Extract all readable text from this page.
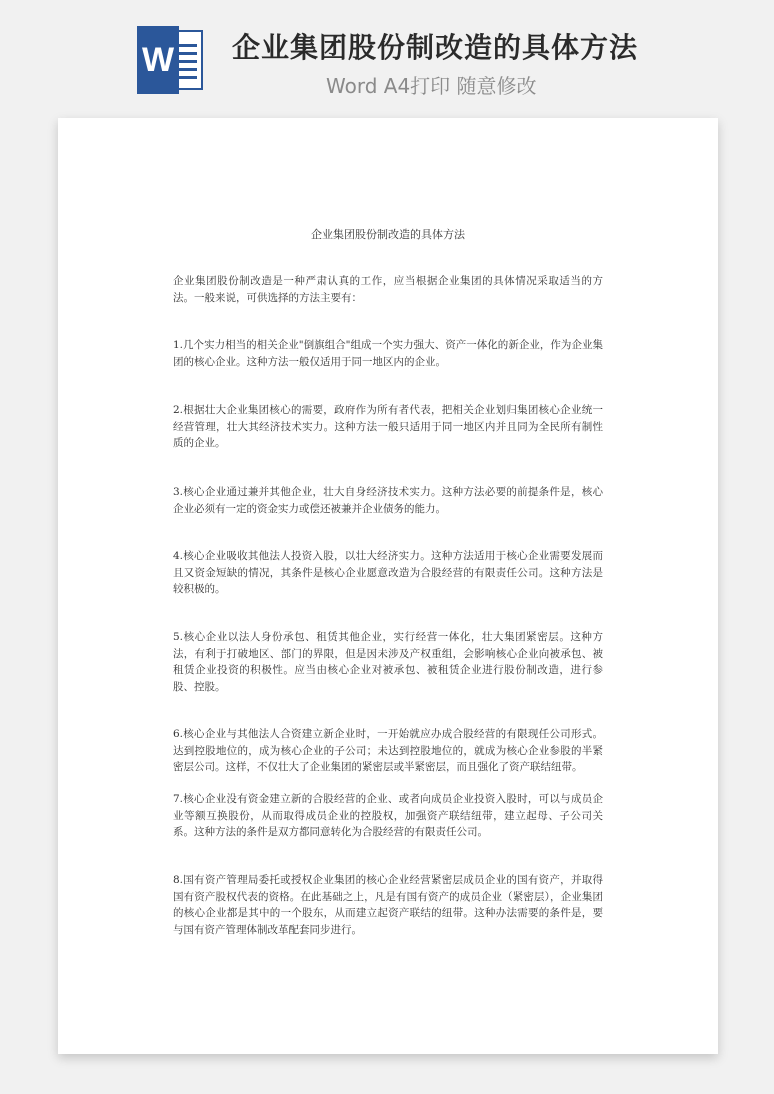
W 企业集团股份制改造的具体方法
Word A4打印 随意修改
企业集团股份制改造的具体方法
企业集团股份制改造是一种严肃认真的工作，应当根据企业集团的具体情况采取适当的方法。一般来说，可供选择的方法主要有：
1.几个实力相当的相关企业"倒旗组合"组成一个实力强大、资产一体化的新企业，作为企业集团的核心企业。这种方法一般仅适用于同一地区内的企业。
2.根据壮大企业集团核心的需要，政府作为所有者代表，把相关企业划归集团核心企业统一经营管理，壮大其经济技术实力。这种方法一般只适用于同一地区内并且同为全民所有制性质的企业。
3.核心企业通过兼并其他企业，壮大自身经济技术实力。这种方法必要的前提条件是，核心企业必须有一定的资金实力或偿还被兼并企业债务的能力。
4.核心企业吸收其他法人投资入股，以壮大经济实力。这种方法适用于核心企业需要发展而且又资金短缺的情况，其条件是核心企业愿意改造为合股经营的有限责任公司。这种方法是较积极的。
5.核心企业以法人身份承包、租赁其他企业，实行经营一体化，壮大集团紧密层。这种方法，有利于打破地区、部门的界限，但是因未涉及产权重组，会影响核心企业向被承包、被租赁企业投资的积极性。应当由核心企业对被承包、被租赁企业进行股份制改造，进行参股、控股。
6.核心企业与其他法人合资建立新企业时，一开始就应办成合股经营的有限现任公司形式。达到控股地位的，成为核心企业的子公司；未达到控股地位的，就成为核心企业参股的半紧密层公司。这样，不仅壮大了企业集团的紧密层或半紧密层，而且强化了资产联结纽带。
7.核心企业没有资金建立新的合股经营的企业、或者向成员企业投资入股时，可以与成员企业等额互换股份，从而取得成员企业的控股权，加强资产联结纽带，建立起母、子公司关系。这种方法的条件是双方都同意转化为合股经营的有限责任公司。
8.国有资产管理局委托或授权企业集团的核心企业经营紧密层成员企业的国有资产，并取得国有资产股权代表的资格。在此基础之上，凡是有国有资产的成员企业（紧密层），企业集团的核心企业都是其中的一个股东，从而建立起资产联结的纽带。这种办法需要的条件是，要与国有资产管理体制改革配套同步进行。
